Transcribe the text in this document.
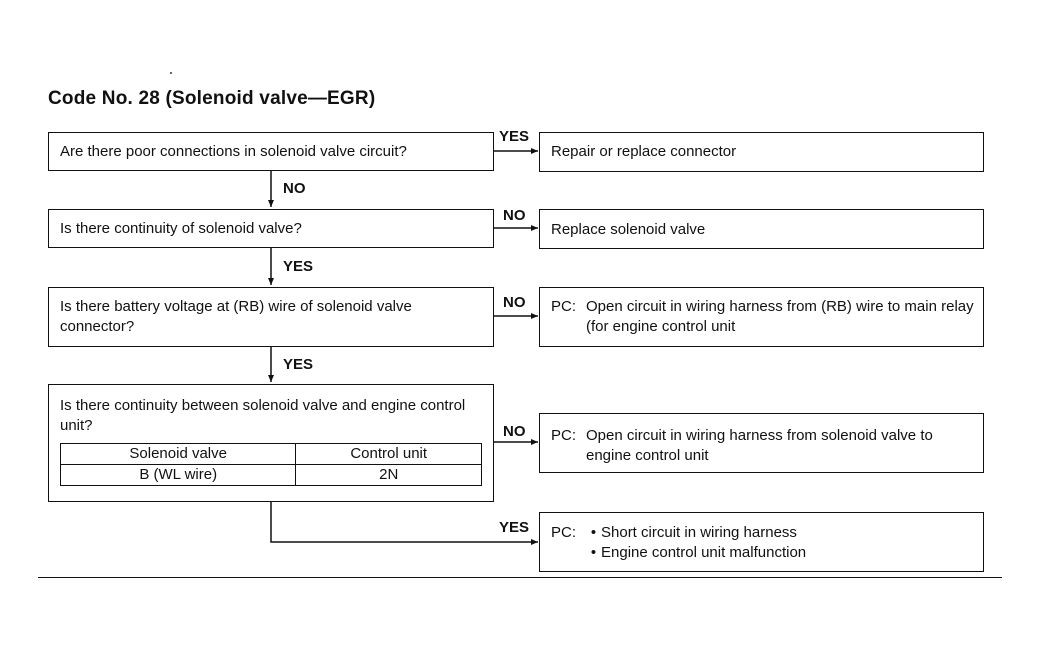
Code No. 28 (Solenoid valve—EGR)
Are there poor connections in solenoid valve circuit?
YES
Repair or replace connector
NO
Is there continuity of solenoid valve?
NO
Replace solenoid valve
YES
Is there battery voltage at (RB) wire of solenoid valve connector?
NO PC: Open circuit in wiring harness from (RB) wire to main relay (for engine control unit
YES
Is there continuity between solenoid valve and engine control unit?
Solenoid valve	Control unit
B (WL wire)	2N
NO PC: Open circuit in wiring harness from solenoid valve to engine control unit
YES PC: • Short circuit in wiring harness
• Engine control unit malfunction
